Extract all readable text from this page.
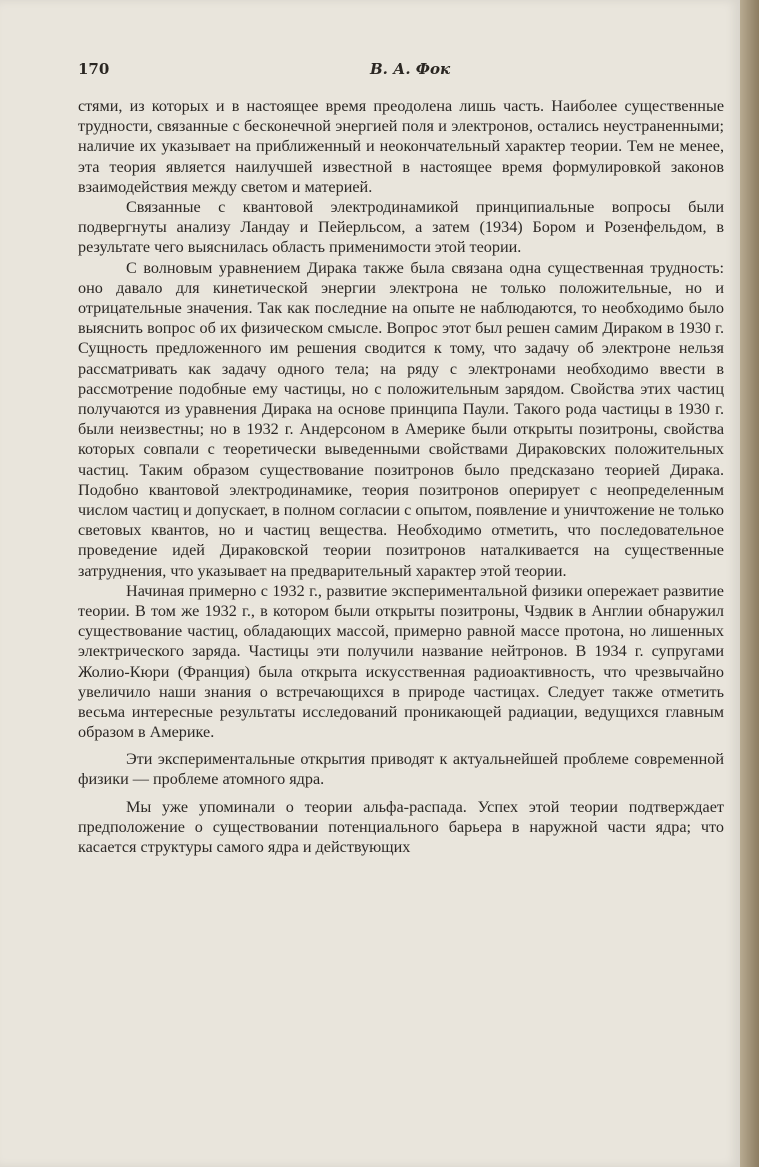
170	В. А. Фок

стями, из которых и в настоящее время преодолена лишь часть. Наиболее существенные трудности, связанные с бесконечной энергией поля и электронов, остались неустраненными; наличие их указывает на приближенный и неокончательный характер теории. Тем не менее, эта теория является наилучшей известной в настоящее время формулировкой законов взаимодействия между светом и материей.

Связанные с квантовой электродинамикой принципиальные вопросы были подвергнуты анализу Ландау и Пейерльсом, а затем (1934) Бором и Розенфельдом, в результате чего выяснилась область применимости этой теории.

С волновым уравнением Дирака также была связана одна существенная трудность: оно давало для кинетической энергии электрона не только положительные, но и отрицательные значения. Так как последние на опыте не наблюдаются, то необходимо было выяснить вопрос об их физическом смысле. Вопрос этот был решен самим Дираком в 1930 г. Сущность предложенного им решения сводится к тому, что задачу об электроне нельзя рассматривать как задачу одного тела; на ряду с электронами необходимо ввести в рассмотрение подобные ему частицы, но с положительным зарядом. Свойства этих частиц получаются из уравнения Дирака на основе принципа Паули. Такого рода частицы в 1930 г. были неизвестны; но в 1932 г. Андерсоном в Америке были открыты позитроны, свойства которых совпали с теоретически выведенными свойствами Дираковских положительных частиц. Таким образом существование позитронов было предсказано теорией Дирака. Подобно квантовой электродинамике, теория позитронов оперирует с неопределенным числом частиц и допускает, в полном согласии с опытом, появление и уничтожение не только световых квантов, но и частиц вещества. Необходимо отметить, что последовательное проведение идей Дираковской теории позитронов наталкивается на существенные затруднения, что указывает на предварительный характер этой теории.

Начиная примерно с 1932 г., развитие экспериментальной физики опережает развитие теории. В том же 1932 г., в котором были открыты позитроны, Чэдвик в Англии обнаружил существование частиц, обладающих массой, примерно равной массе протона, но лишенных электрического заряда. Частицы эти получили название нейтронов. В 1934 г. супругами Жолио-Кюри (Франция) была открыта искусственная радиоактивность, что чрезвычайно увеличило наши знания о встречающихся в природе частицах. Следует также отметить весьма интересные результаты исследований проникающей радиации, ведущихся главным образом в Америке.

Эти экспериментальные открытия приводят к актуальнейшей проблеме современной физики — проблеме атомного ядра.

Мы уже упоминали о теории альфа-распада. Успех этой теории подтверждает предположение о существовании потенциального барьера в наружной части ядра; что касается структуры самого ядра и действующих
